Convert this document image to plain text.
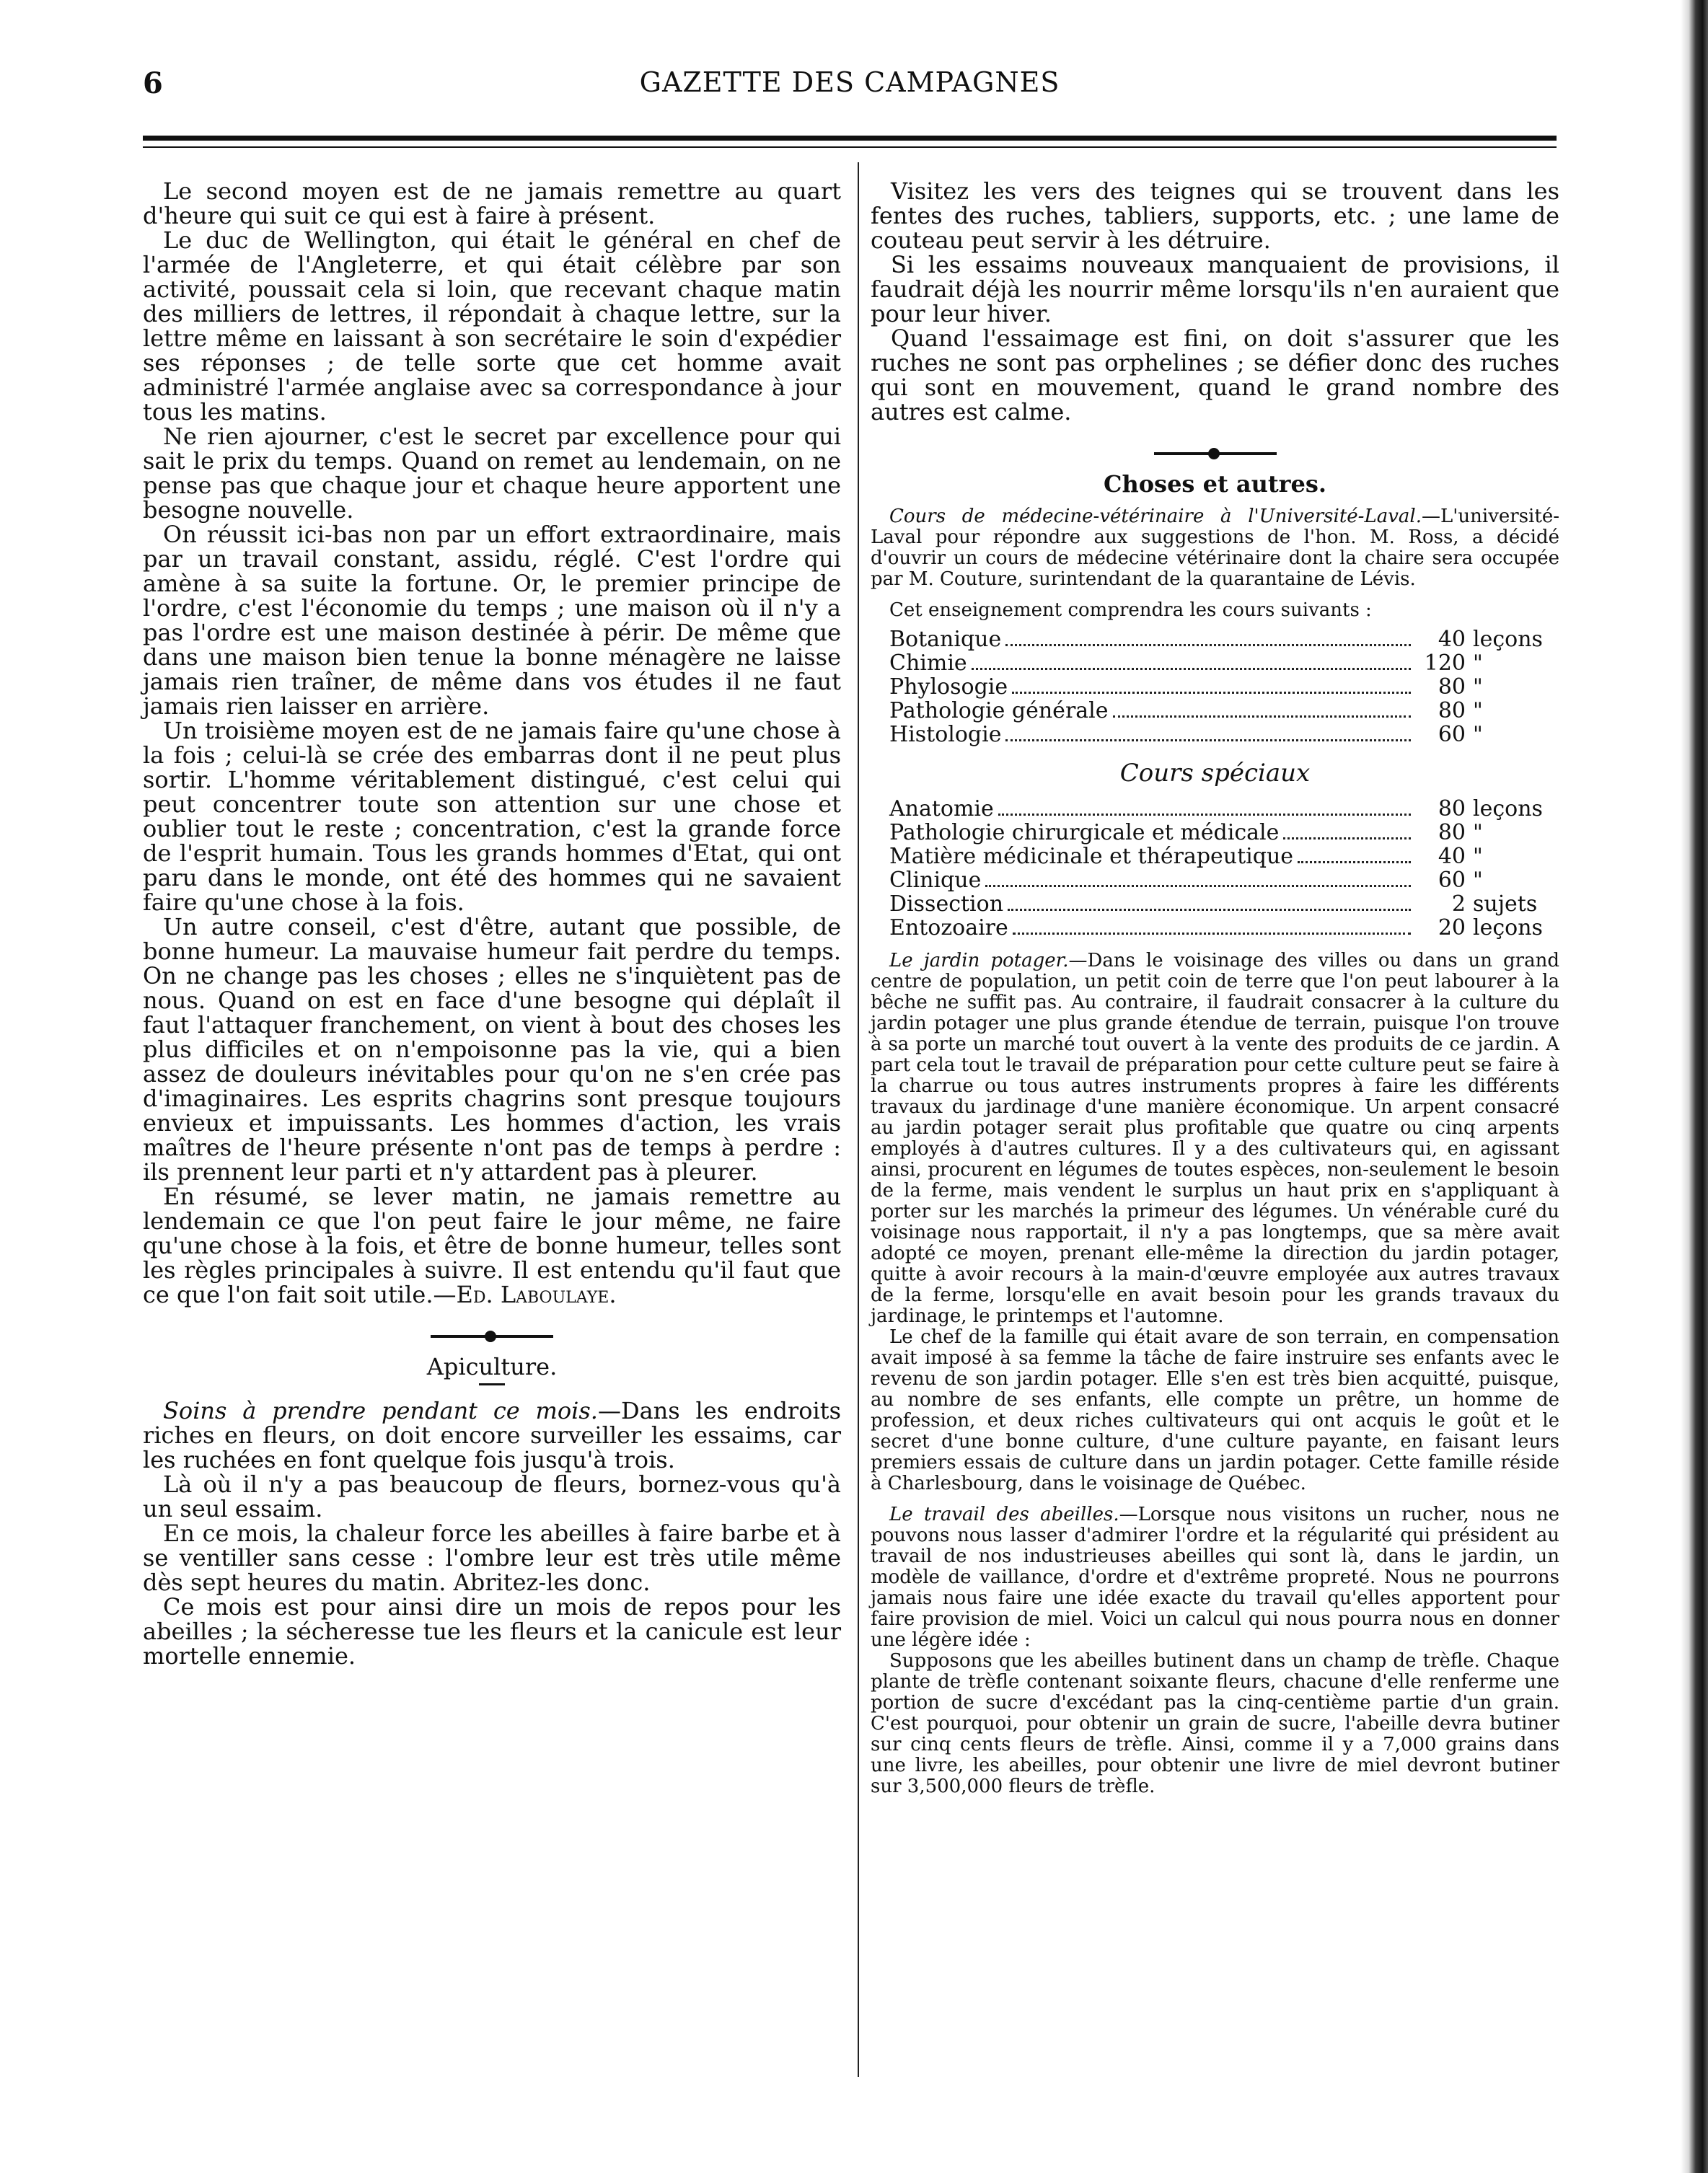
6	GAZETTE DES CAMPAGNES

Le second moyen est de ne jamais remettre au quart d'heure qui suit ce qui est à faire à présent.

Le duc de Wellington, qui était le général en chef de l'armée de l'Angleterre, et qui était célèbre par son activité, poussait cela si loin, que recevant chaque matin des milliers de lettres, il répondait à chaque lettre, sur la lettre même en laissant à son secrétaire le soin d'expédier ses réponses ; de telle sorte que cet homme avait administré l'armée anglaise avec sa correspondance à jour tous les matins.

Ne rien ajourner, c'est le secret par excellence pour qui sait le prix du temps. Quand on remet au lendemain, on ne pense pas que chaque jour et chaque heure apportent une besogne nouvelle.

On réussit ici-bas non par un effort extraordinaire, mais par un travail constant, assidu, réglé. C'est l'ordre qui amène à sa suite la fortune. Or, le premier principe de l'ordre, c'est l'économie du temps ; une maison où il n'y a pas l'ordre est une maison destinée à périr. De même que dans une maison bien tenue la bonne ménagère ne laisse jamais rien traîner, de même dans vos études il ne faut jamais rien laisser en arrière.

Un troisième moyen est de ne jamais faire qu'une chose à la fois ; celui-là se crée des embarras dont il ne peut plus sortir. L'homme véritablement distingué, c'est celui qui peut concentrer toute son attention sur une chose et oublier tout le reste ; concentration, c'est la grande force de l'esprit humain. Tous les grands hommes d'Etat, qui ont paru dans le monde, ont été des hommes qui ne savaient faire qu'une chose à la fois.

Un autre conseil, c'est d'être, autant que possible, de bonne humeur. La mauvaise humeur fait perdre du temps. On ne change pas les choses ; elles ne s'inquiètent pas de nous. Quand on est en face d'une besogne qui déplaît il faut l'attaquer franchement, on vient à bout des choses les plus difficiles et on n'empoisonne pas la vie, qui a bien assez de douleurs inévitables pour qu'on ne s'en crée pas d'imaginaires. Les esprits chagrins sont presque toujours envieux et impuissants. Les hommes d'action, les vrais maîtres de l'heure présente n'ont pas de temps à perdre : ils prennent leur parti et n'y attardent pas à pleurer.

En résumé, se lever matin, ne jamais remettre au lendemain ce que l'on peut faire le jour même, ne faire qu'une chose à la fois, et être de bonne humeur, telles sont les règles principales à suivre. Il est entendu qu'il faut que ce que l'on fait soit utile.—Ed. Laboulaye.

Apiculture.

Soins à prendre pendant ce mois.—Dans les endroits riches en fleurs, on doit encore surveiller les essaims, car les ruchées en font quelque fois jusqu'à trois.

Là où il n'y a pas beaucoup de fleurs, bornez-vous qu'à un seul essaim.

En ce mois, la chaleur force les abeilles à faire barbe et à se ventiller sans cesse : l'ombre leur est très utile même dès sept heures du matin. Abritez-les donc.

Ce mois est pour ainsi dire un mois de repos pour les abeilles ; la sécheresse tue les fleurs et la canicule est leur mortelle ennemie.

Visitez les vers des teignes qui se trouvent dans les fentes des ruches, tabliers, supports, etc. ; une lame de couteau peut servir à les détruire.

Si les essaims nouveaux manquaient de provisions, il faudrait déjà les nourrir même lorsqu'ils n'en auraient que pour leur hiver.

Quand l'essaimage est fini, on doit s'assurer que les ruches ne sont pas orphelines ; se défier donc des ruches qui sont en mouvement, quand le grand nombre des autres est calme.

Choses et autres.

Cours de médecine-vétérinaire à l'Université-Laval.—L'université-Laval pour répondre aux suggestions de l'hon. M. Ross, a décidé d'ouvrir un cours de médecine vétérinaire dont la chaire sera occupée par M. Couture, surintendant de la quarantaine de Lévis.

Cet enseignement comprendra les cours suivants :

Botanique	40 leçons
Chimie	120 "
Phylosogie	80 "
Pathologie générale	80 "
Histologie	60 "
Cours spéciaux
Anatomie	80 leçons
Pathologie chirurgicale et médicale	80 "
Matière médicinale et thérapeutique	40 "
Clinique	60 "
Dissection	2 sujets
Entozoaire	20 leçons

Le jardin potager.—Dans le voisinage des villes ou dans un grand centre de population, un petit coin de terre que l'on peut labourer à la bêche ne suffit pas. Au contraire, il faudrait consacrer à la culture du jardin potager une plus grande étendue de terrain, puisque l'on trouve à sa porte un marché tout ouvert à la vente des produits de ce jardin. A part cela tout le travail de préparation pour cette culture peut se faire à la charrue ou tous autres instruments propres à faire les différents travaux du jardinage d'une manière économique. Un arpent consacré au jardin potager serait plus profitable que quatre ou cinq arpents employés à d'autres cultures. Il y a des cultivateurs qui, en agissant ainsi, procurent en légumes de toutes espèces, non-seulement le besoin de la ferme, mais vendent le surplus un haut prix en s'appliquant à porter sur les marchés la primeur des légumes. Un vénérable curé du voisinage nous rapportait, il n'y a pas longtemps, que sa mère avait adopté ce moyen, prenant elle-même la direction du jardin potager, quitte à avoir recours à la main-d'œuvre employée aux autres travaux de la ferme, lorsqu'elle en avait besoin pour les grands travaux du jardinage, le printemps et l'automne.

Le chef de la famille qui était avare de son terrain, en compensation avait imposé à sa femme la tâche de faire instruire ses enfants avec le revenu de son jardin potager. Elle s'en est très bien acquitté, puisque, au nombre de ses enfants, elle compte un prêtre, un homme de profession, et deux riches cultivateurs qui ont acquis le goût et le secret d'une bonne culture, d'une culture payante, en faisant leurs premiers essais de culture dans un jardin potager. Cette famille réside à Charlesbourg, dans le voisinage de Québec.

Le travail des abeilles.—Lorsque nous visitons un rucher, nous ne pouvons nous lasser d'admirer l'ordre et la régularité qui président au travail de nos industrieuses abeilles qui sont là, dans le jardin, un modèle de vaillance, d'ordre et d'extrême propreté. Nous ne pourrons jamais nous faire une idée exacte du travail qu'elles apportent pour faire provision de miel. Voici un calcul qui nous pourra nous en donner une légère idée :

Supposons que les abeilles butinent dans un champ de trèfle. Chaque plante de trèfle contenant soixante fleurs, chacune d'elle renferme une portion de sucre d'excédant pas la cinq-centième partie d'un grain. C'est pourquoi, pour obtenir un grain de sucre, l'abeille devra butiner sur cinq cents fleurs de trèfle. Ainsi, comme il y a 7,000 grains dans une livre, les abeilles, pour obtenir une livre de miel devront butiner sur 3,500,000 fleurs de trèfle.
